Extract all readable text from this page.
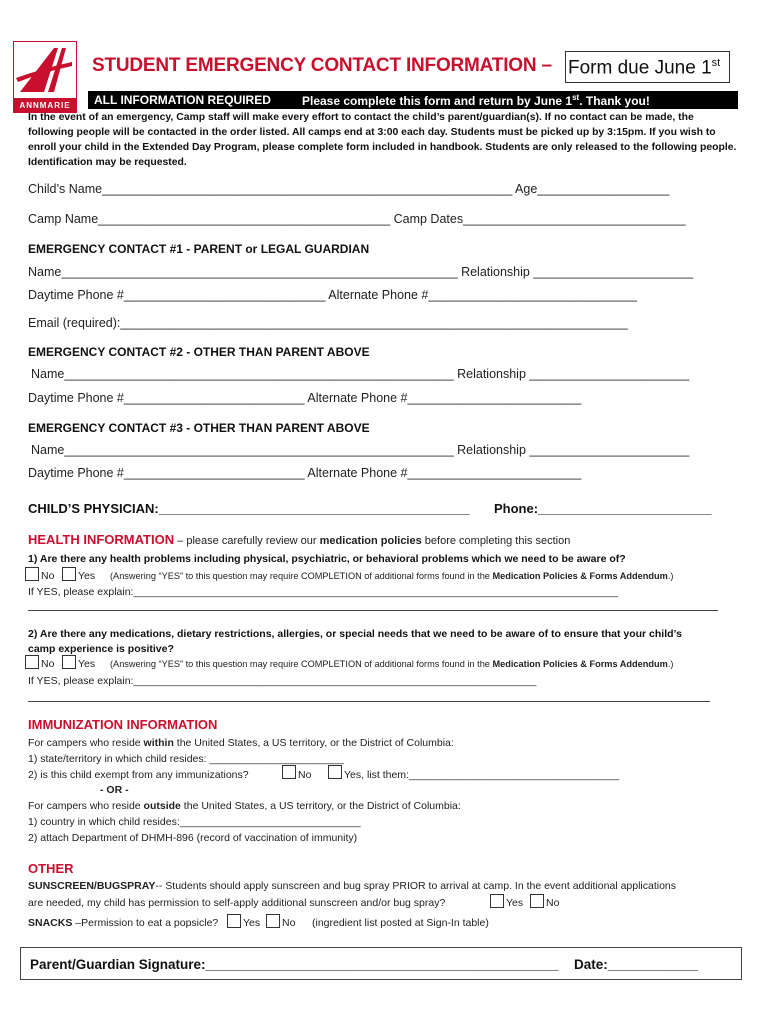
ANNMARIE
STUDENT EMERGENCY CONTACT INFORMATION – Form due June 1st
ALL INFORMATION REQUIRED	Please complete this form and return by June 1st. Thank you!
In the event of an emergency, Camp staff will make every effort to contact the child’s parent/guardian(s). If no contact can be made, the following people will be contacted in the order listed. All camps end at 3:00 each day. Students must be picked up by 3:15pm. If you wish to enroll your child in the Extended Day Program, please complete form included in handbook. Students are only released to the following people. Identification may be requested.
Child’s Name___________________________________________________________ Age___________________
Camp Name__________________________________________ Camp Dates________________________________
EMERGENCY CONTACT #1 - PARENT or LEGAL GUARDIAN
Name_________________________________________________________ Relationship _______________________
Daytime Phone #_____________________________ Alternate Phone #______________________________
Email (required):_________________________________________________________________________
EMERGENCY CONTACT #2 - OTHER THAN PARENT ABOVE
Name________________________________________________________ Relationship _______________________
Daytime Phone #__________________________ Alternate Phone #_________________________
EMERGENCY CONTACT #3 - OTHER THAN PARENT ABOVE
Name________________________________________________________ Relationship _______________________
Daytime Phone #__________________________ Alternate Phone #_________________________
CHILD’S PHYSICIAN:___________________________________________ Phone:________________________
HEALTH INFORMATION – please carefully review our medication policies before completing this section
1) Are there any health problems including physical, psychiatric, or behavioral problems which we need to be aware of?
No Yes (Answering “YES” to this question may require COMPLETION of additional forms found in the Medication Policies & Forms Addendum.)
If YES, please explain:___________________________________________________________________________________
2) Are there any medications, dietary restrictions, allergies, or special needs that we need to be aware of to ensure that your child’s
camp experience is positive?
No Yes (Answering “YES” to this question may require COMPLETION of additional forms found in the Medication Policies & Forms Addendum.)
If YES, please explain:_____________________________________________________________________
IMMUNIZATION INFORMATION
For campers who reside within the United States, a US territory, or the District of Columbia:
1) state/territory in which child resides: _______________________
2) is this child exempt from any immunizations?	No	Yes, list them:____________________________________
- OR -
For campers who reside outside the United States, a US territory, or the District of Columbia:
1) country in which child resides:_______________________________
2) attach Department of DHMH-896 (record of vaccination of immunity)
OTHER
SUNSCREEN/BUGSPRAY-- Students should apply sunscreen and bug spray PRIOR to arrival at camp. In the event additional applications
are needed, my child has permission to self-apply additional sunscreen and/or bug spray?	Yes No
SNACKS –Permission to eat a popsicle? Yes No (ingredient list posted at Sign-In table)
Parent/Guardian Signature:_______________________________________________ Date:____________
